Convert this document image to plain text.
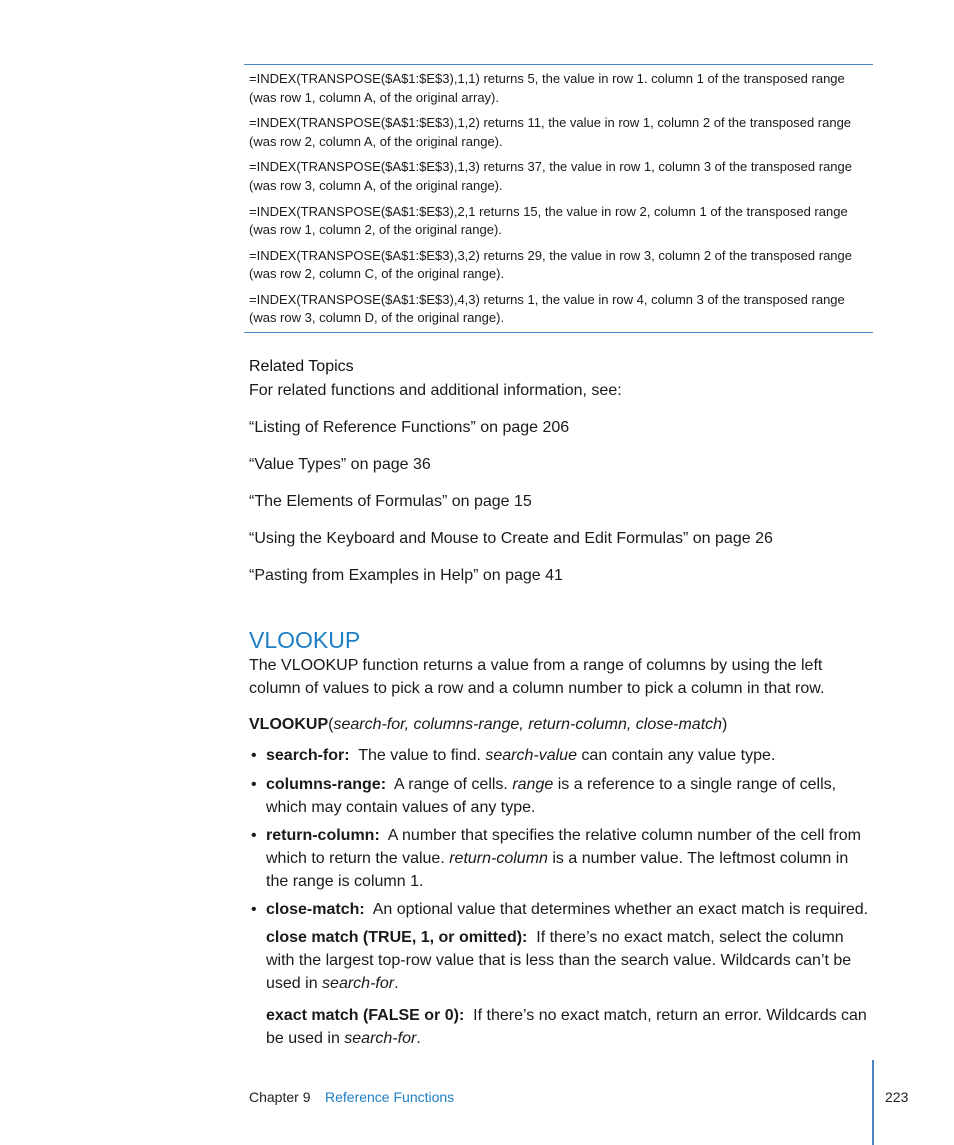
=INDEX(TRANSPOSE($A$1:$E$3),1,1) returns 5, the value in row 1. column 1 of the transposed range

(was row 1, column A, of the original array).

=INDEX(TRANSPOSE($A$1:$E$3),1,2) returns 11, the value in row 1, column 2 of the transposed range

(was row 2, column A, of the original range).

=INDEX(TRANSPOSE($A$1:$E$3),1,3) returns 37, the value in row 1, column 3 of the transposed range

(was row 3, column A, of the original range).

=INDEX(TRANSPOSE($A$1:$E$3),2,1 returns 15, the value in row 2, column 1 of the transposed range

(was row 1, column 2, of the original range).

=INDEX(TRANSPOSE($A$1:$E$3),3,2) returns 29, the value in row 3, column 2 of the transposed range

(was row 2, column C, of the original range).

=INDEX(TRANSPOSE($A$1:$E$3),4,3) returns 1, the value in row 4, column 3 of the transposed range

(was row 3, column D, of the original range).

Related Topics
For related functions and additional information, see:
“Listing of Reference Functions” on page 206
“Value Types” on page 36
“The Elements of Formulas” on page 15
“Using the Keyboard and Mouse to Create and Edit Formulas” on page 26
“Pasting from Examples in Help” on page 41
VLOOKUP

The VLOOKUP function returns a value from a range of columns by using the left column of values to pick a row and a column number to pick a column in that row.

VLOOKUP(search-for, columns-range, return-column, close-match)

• search-for: The value to find. search-value can contain any value type.
• columns-range: A range of cells. range is a reference to a single range of cells, which may contain values of any type.
• return-column: A number that specifies the relative column number of the cell from which to return the value. return-column is a number value. The leftmost column in the range is column 1.
• close-match: An optional value that determines whether an exact match is required.

close match (TRUE, 1, or omitted): If there’s no exact match, select the column with the largest top-row value that is less than the search value. Wildcards can’t be used in search-for.

exact match (FALSE or 0): If there’s no exact match, return an error. Wildcards can be used in search-for.

Chapter 9 Reference Functions	223
